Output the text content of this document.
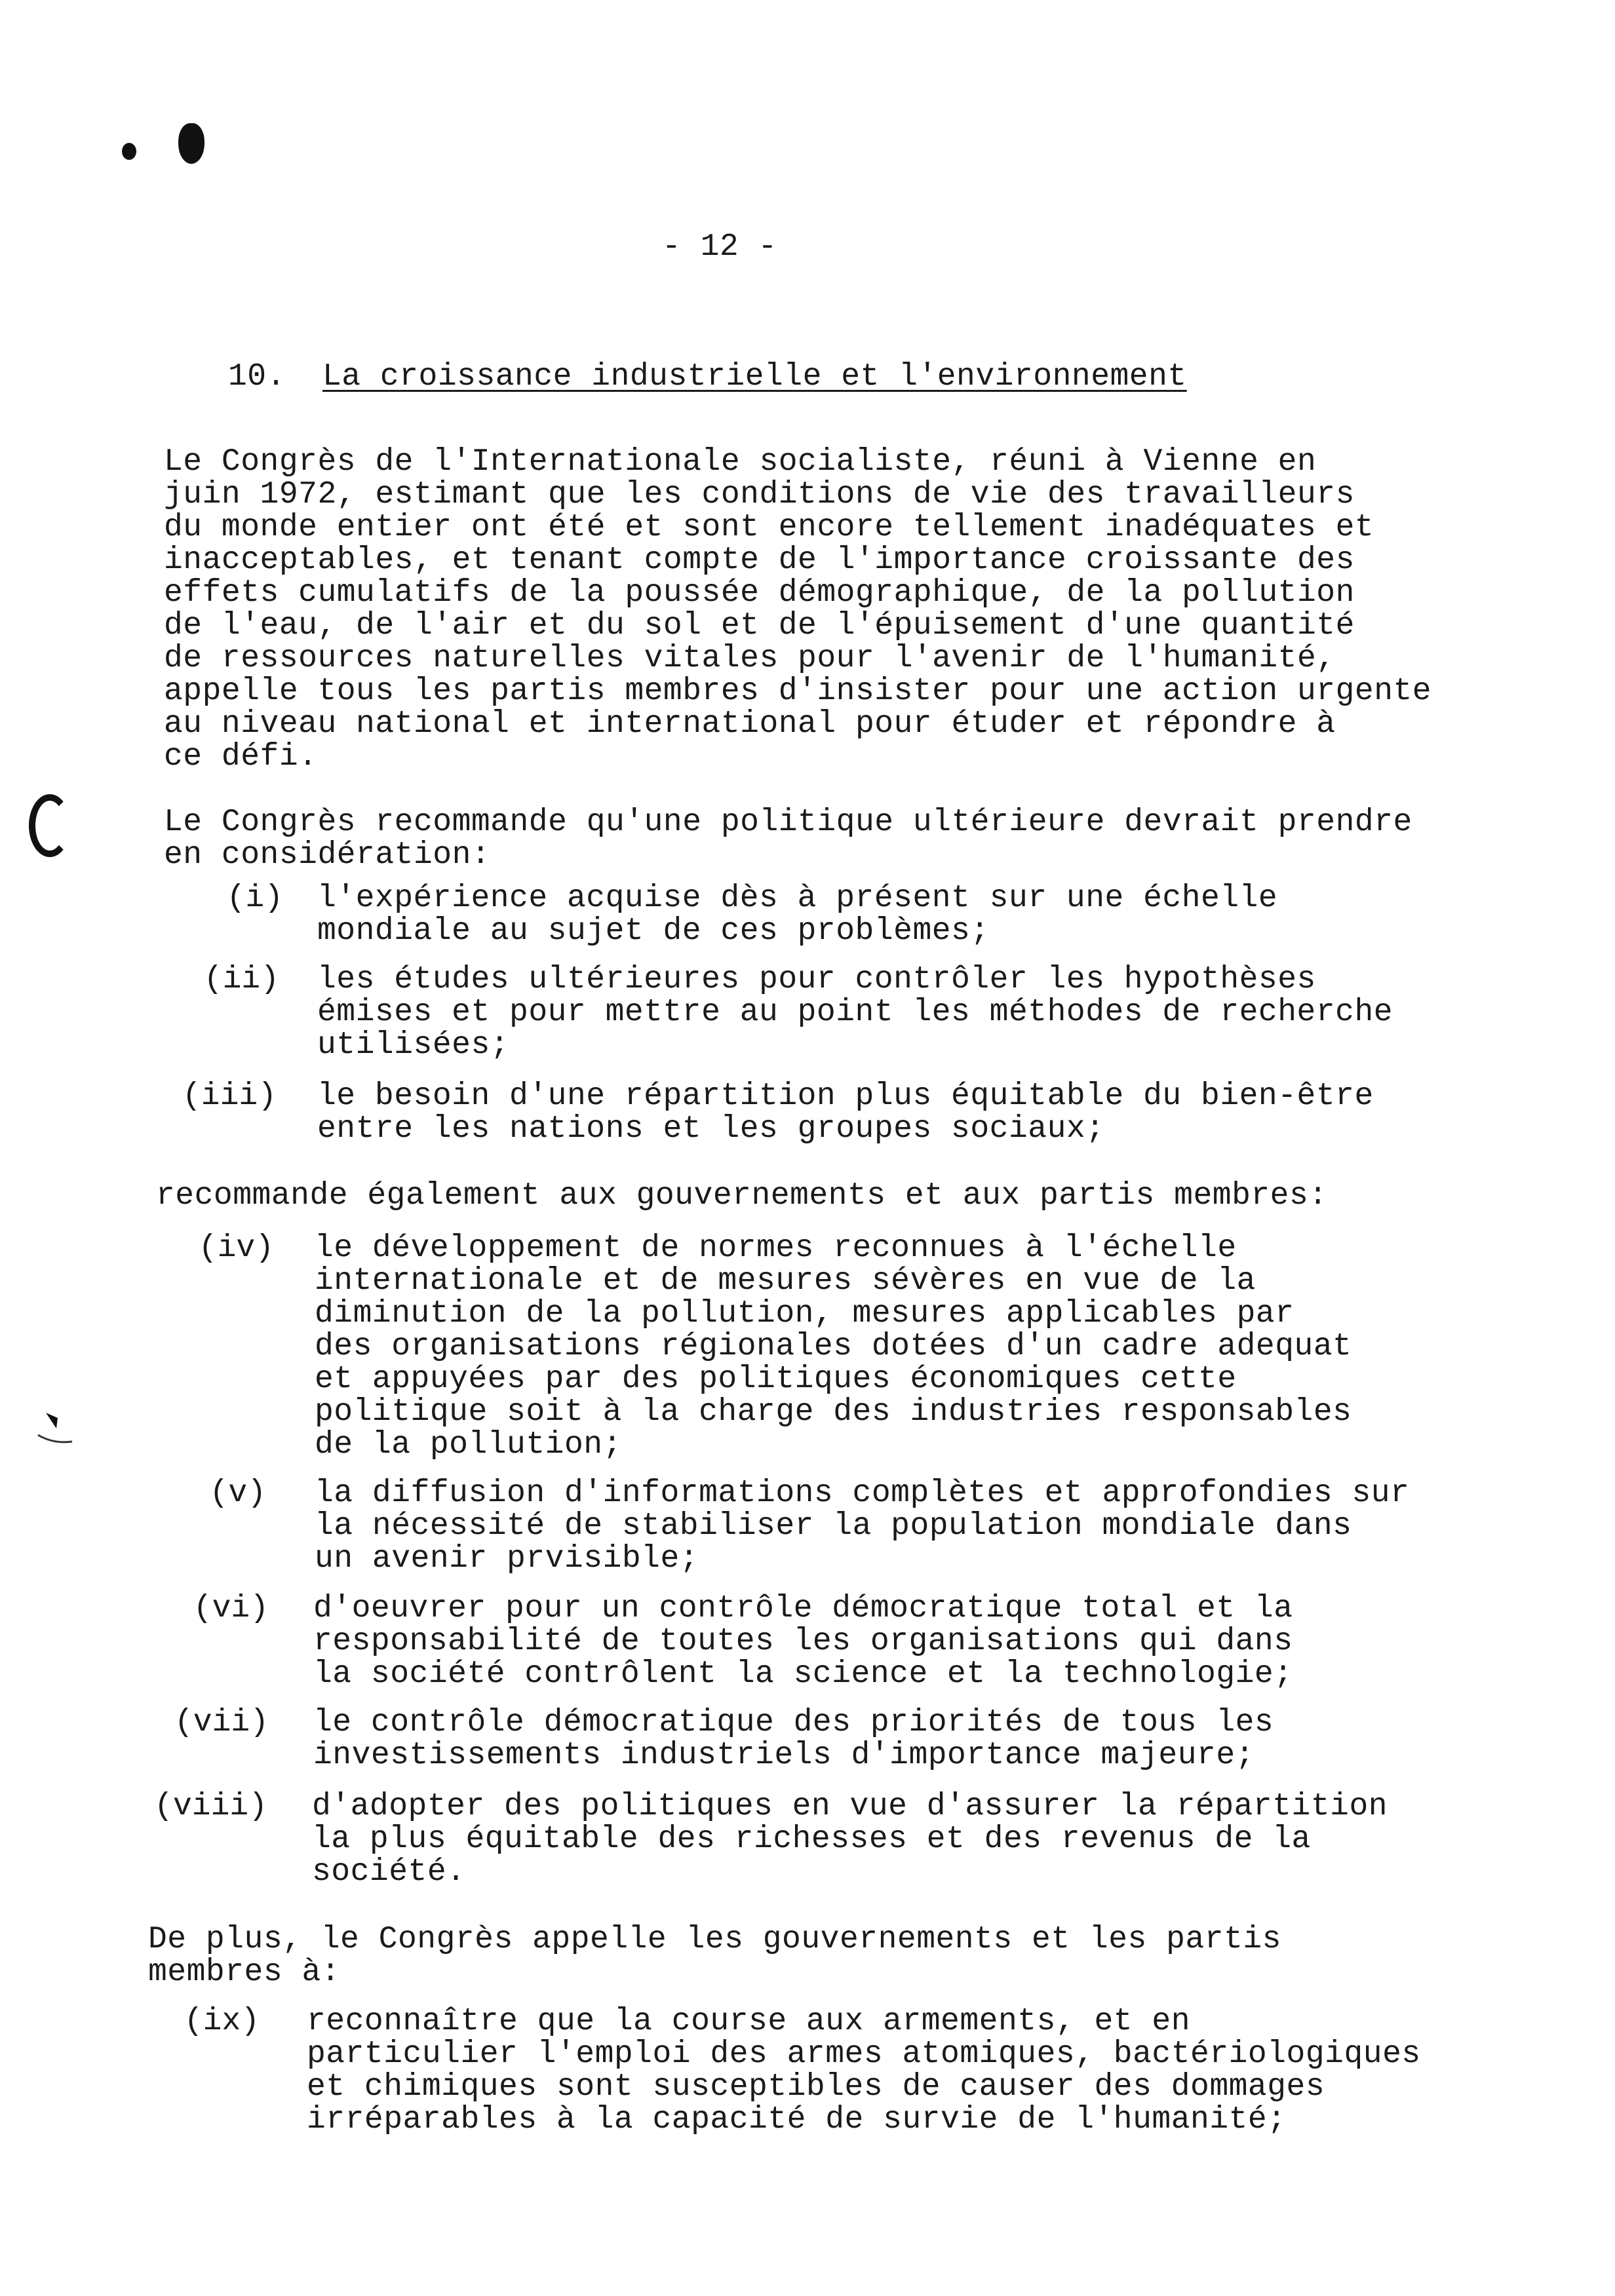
- 12 -
10. La croissance industrielle et l'environnement
Le Congrès de l'Internationale socialiste, réuni à Vienne en
juin 1972, estimant que les conditions de vie des travailleurs
du monde entier ont été et sont encore tellement inadéquates et
inacceptables, et tenant compte de l'importance croissante des
effets cumulatifs de la poussée démographique, de la pollution
de l'eau, de l'air et du sol et de l'épuisement d'une quantité
de ressources naturelles vitales pour l'avenir de l'humanité,
appelle tous les partis membres d'insister pour une action urgente
au niveau national et international pour étuder et répondre à
ce défi.
Le Congrès recommande qu'une politique ultérieure devrait prendre
en considération:
(i) l'expérience acquise dès à présent sur une échelle
mondiale au sujet de ces problèmes;
(ii) les études ultérieures pour contrôler les hypothèses
émises et pour mettre au point les méthodes de recherche
utilisées;
(iii) le besoin d'une répartition plus équitable du bien-être
entre les nations et les groupes sociaux;
recommande également aux gouvernements et aux partis membres:
(iv) le développement de normes reconnues à l'échelle
internationale et de mesures sévères en vue de la
diminution de la pollution, mesures applicables par
des organisations régionales dotées d'un cadre adequat
et appuyées par des politiques économiques cette
politique soit à la charge des industries responsables
de la pollution;
(v) la diffusion d'informations complètes et approfondies sur
la nécessité de stabiliser la population mondiale dans
un avenir prvisible;
(vi) d'oeuvrer pour un contrôle démocratique total et la
responsabilité de toutes les organisations qui dans
la société contrôlent la science et la technologie;
(vii) le contrôle démocratique des priorités de tous les
investissements industriels d'importance majeure;
(viii) d'adopter des politiques en vue d'assurer la répartition
la plus équitable des richesses et des revenus de la
société.
De plus, le Congrès appelle les gouvernements et les partis
membres à:
(ix) reconnaître que la course aux armements, et en
particulier l'emploi des armes atomiques, bactériologiques
et chimiques sont susceptibles de causer des dommages
irréparables à la capacité de survie de l'humanité;
